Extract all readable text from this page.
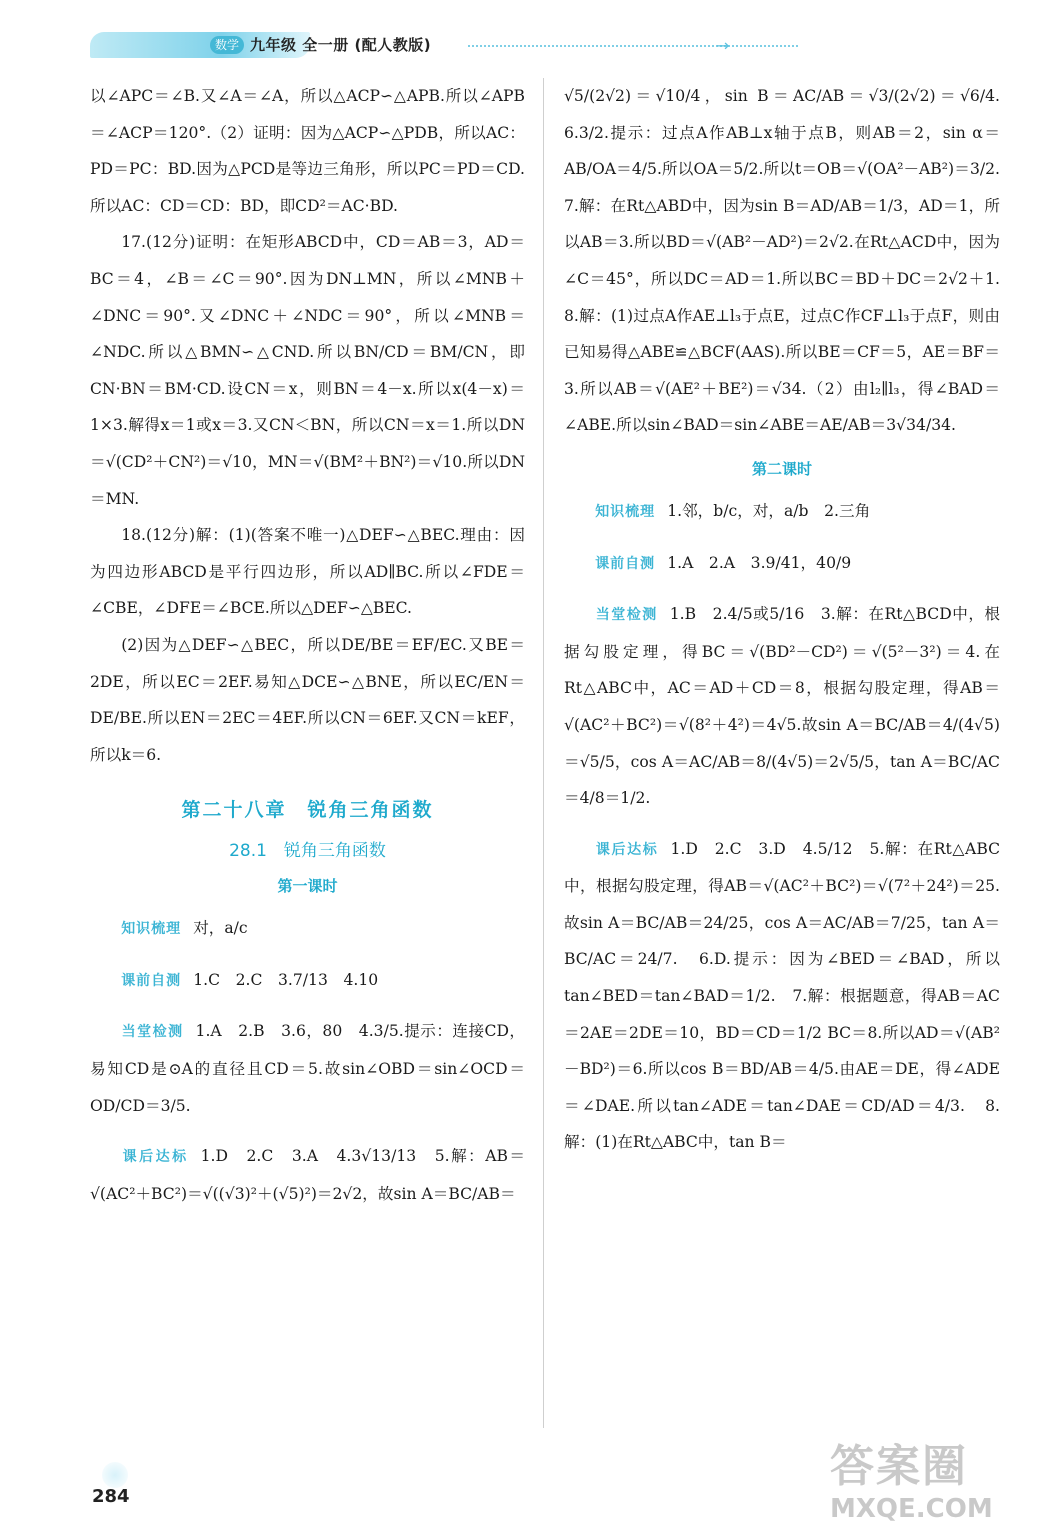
数学 九年级 全一册 (配人教版)	→

以∠APC＝∠B.又∠A＝∠A，所以△ACP∽△APB.所以∠APB＝∠ACP＝120°.（2）证明：因为△ACP∽△PDB，所以AC：PD＝PC：BD.因为△PCD是等边三角形，所以PC＝PD＝CD.所以AC：CD＝CD：BD，即CD²＝AC·BD.

17.(12分)证明：在矩形ABCD中，CD＝AB＝3，AD＝BC＝4，∠B＝∠C＝90°.因为DN⊥MN，所以∠MNB＋∠DNC＝90°.又∠DNC＋∠NDC＝90°，所以∠MNB＝∠NDC.所以△BMN∽△CND.所以BN/CD＝BM/CN，即CN·BN＝BM·CD.设CN＝x，则BN＝4－x.所以x(4－x)＝1×3.解得x＝1或x＝3.又CN＜BN，所以CN＝x＝1.所以DN＝√(CD²＋CN²)＝√10，MN＝√(BM²＋BN²)＝√10.所以DN＝MN.

18.(12分)解：(1)(答案不唯一)△DEF∽△BEC.理由：因为四边形ABCD是平行四边形，所以AD∥BC.所以∠FDE＝∠CBE，∠DFE＝∠BCE.所以△DEF∽△BEC.

(2)因为△DEF∽△BEC，所以DE/BE＝EF/EC.又BE＝2DE，所以EC＝2EF.易知△DCE∽△BNE，所以EC/EN＝DE/BE.所以EN＝2EC＝4EF.所以CN＝6EF.又CN＝kEF，所以k＝6.

第二十八章　锐角三角函数

28.1　锐角三角函数

第一课时

知识梳理 对，a/c

课前自测 1.C　2.C　3.7/13　4.10

当堂检测 1.A　2.B　3.6，80　4.3/5.提示：连接CD，易知CD是⊙A的直径且CD＝5.故sin∠OBD＝sin∠OCD＝OD/CD＝3/5.

课后达标 1.D　2.C　3.A　4.3√13/13　5.解：AB＝√(AC²＋BC²)＝√((√3)²＋(√5)²)＝2√2，故sin A＝BC/AB＝

√5/(2√2)＝√10/4，sin B＝AC/AB＝√3/(2√2)＝√6/4.　6.3/2.提示：过点A作AB⊥x轴于点B，则AB＝2，sin α＝AB/OA＝4/5.所以OA＝5/2.所以t＝OB＝√(OA²－AB²)＝3/2.　7.解：在Rt△ABD中，因为sin B＝AD/AB＝1/3，AD＝1，所以AB＝3.所以BD＝√(AB²－AD²)＝2√2.在Rt△ACD中，因为∠C＝45°，所以DC＝AD＝1.所以BC＝BD＋DC＝2√2＋1.　8.解：(1)过点A作AE⊥l₃于点E，过点C作CF⊥l₃于点F，则由已知易得△ABE≌△BCF(AAS).所以BE＝CF＝5，AE＝BF＝3.所以AB＝√(AE²＋BE²)＝√34.（2）由l₂∥l₃，得∠BAD＝∠ABE.所以sin∠BAD＝sin∠ABE＝AE/AB＝3√34/34.

第二课时

知识梳理 1.邻，b/c，对，a/b　2.三角

课前自测 1.A　2.A　3.9/41，40/9

当堂检测 1.B　2.4/5或5/16　3.解：在Rt△BCD中，根据勾股定理，得BC＝√(BD²－CD²)＝√(5²－3²)＝4.在Rt△ABC中，AC＝AD＋CD＝8，根据勾股定理，得AB＝√(AC²＋BC²)＝√(8²＋4²)＝4√5.故sin A＝BC/AB＝4/(4√5)＝√5/5，cos A＝AC/AB＝8/(4√5)＝2√5/5，tan A＝BC/AC＝4/8＝1/2.

课后达标 1.D　2.C　3.D　4.5/12　5.解：在Rt△ABC中，根据勾股定理，得AB＝√(AC²＋BC²)＝√(7²＋24²)＝25.故sin A＝BC/AB＝24/25，cos A＝AC/AB＝7/25，tan A＝BC/AC＝24/7.　6.D.提示：因为∠BED＝∠BAD，所以tan∠BED＝tan∠BAD＝1/2.　7.解：根据题意，得AB＝AC＝2AE＝2DE＝10，BD＝CD＝1/2 BC＝8.所以AD＝√(AB²－BD²)＝6.所以cos B＝BD/AB＝4/5.由AE＝DE，得∠ADE＝∠DAE.所以tan∠ADE＝tan∠DAE＝CD/AD＝4/3.　8.解：(1)在Rt△ABC中，tan B＝

284
答案圈
MXQE.COM
